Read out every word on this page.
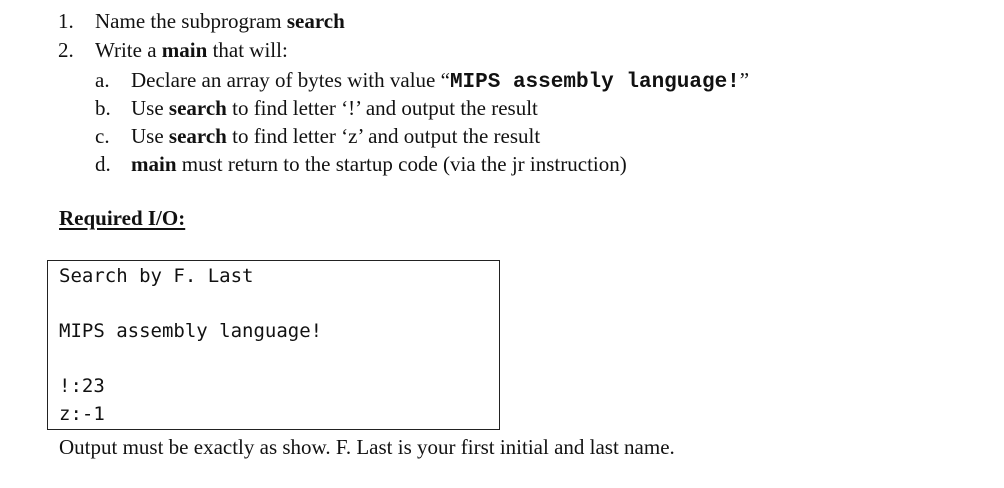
1. Name the subprogram search
2. Write a main that will:
a. Declare an array of bytes with value “MIPS assembly language!”
b. Use search to find letter ‘!’ and output the result
c. Use search to find letter ‘z’ and output the result
d. main must return to the startup code (via the jr instruction)
Required I/O:
Search by F. Last
MIPS assembly language!
!:23
z:-1
Output must be exactly as show. F. Last is your first initial and last name.
